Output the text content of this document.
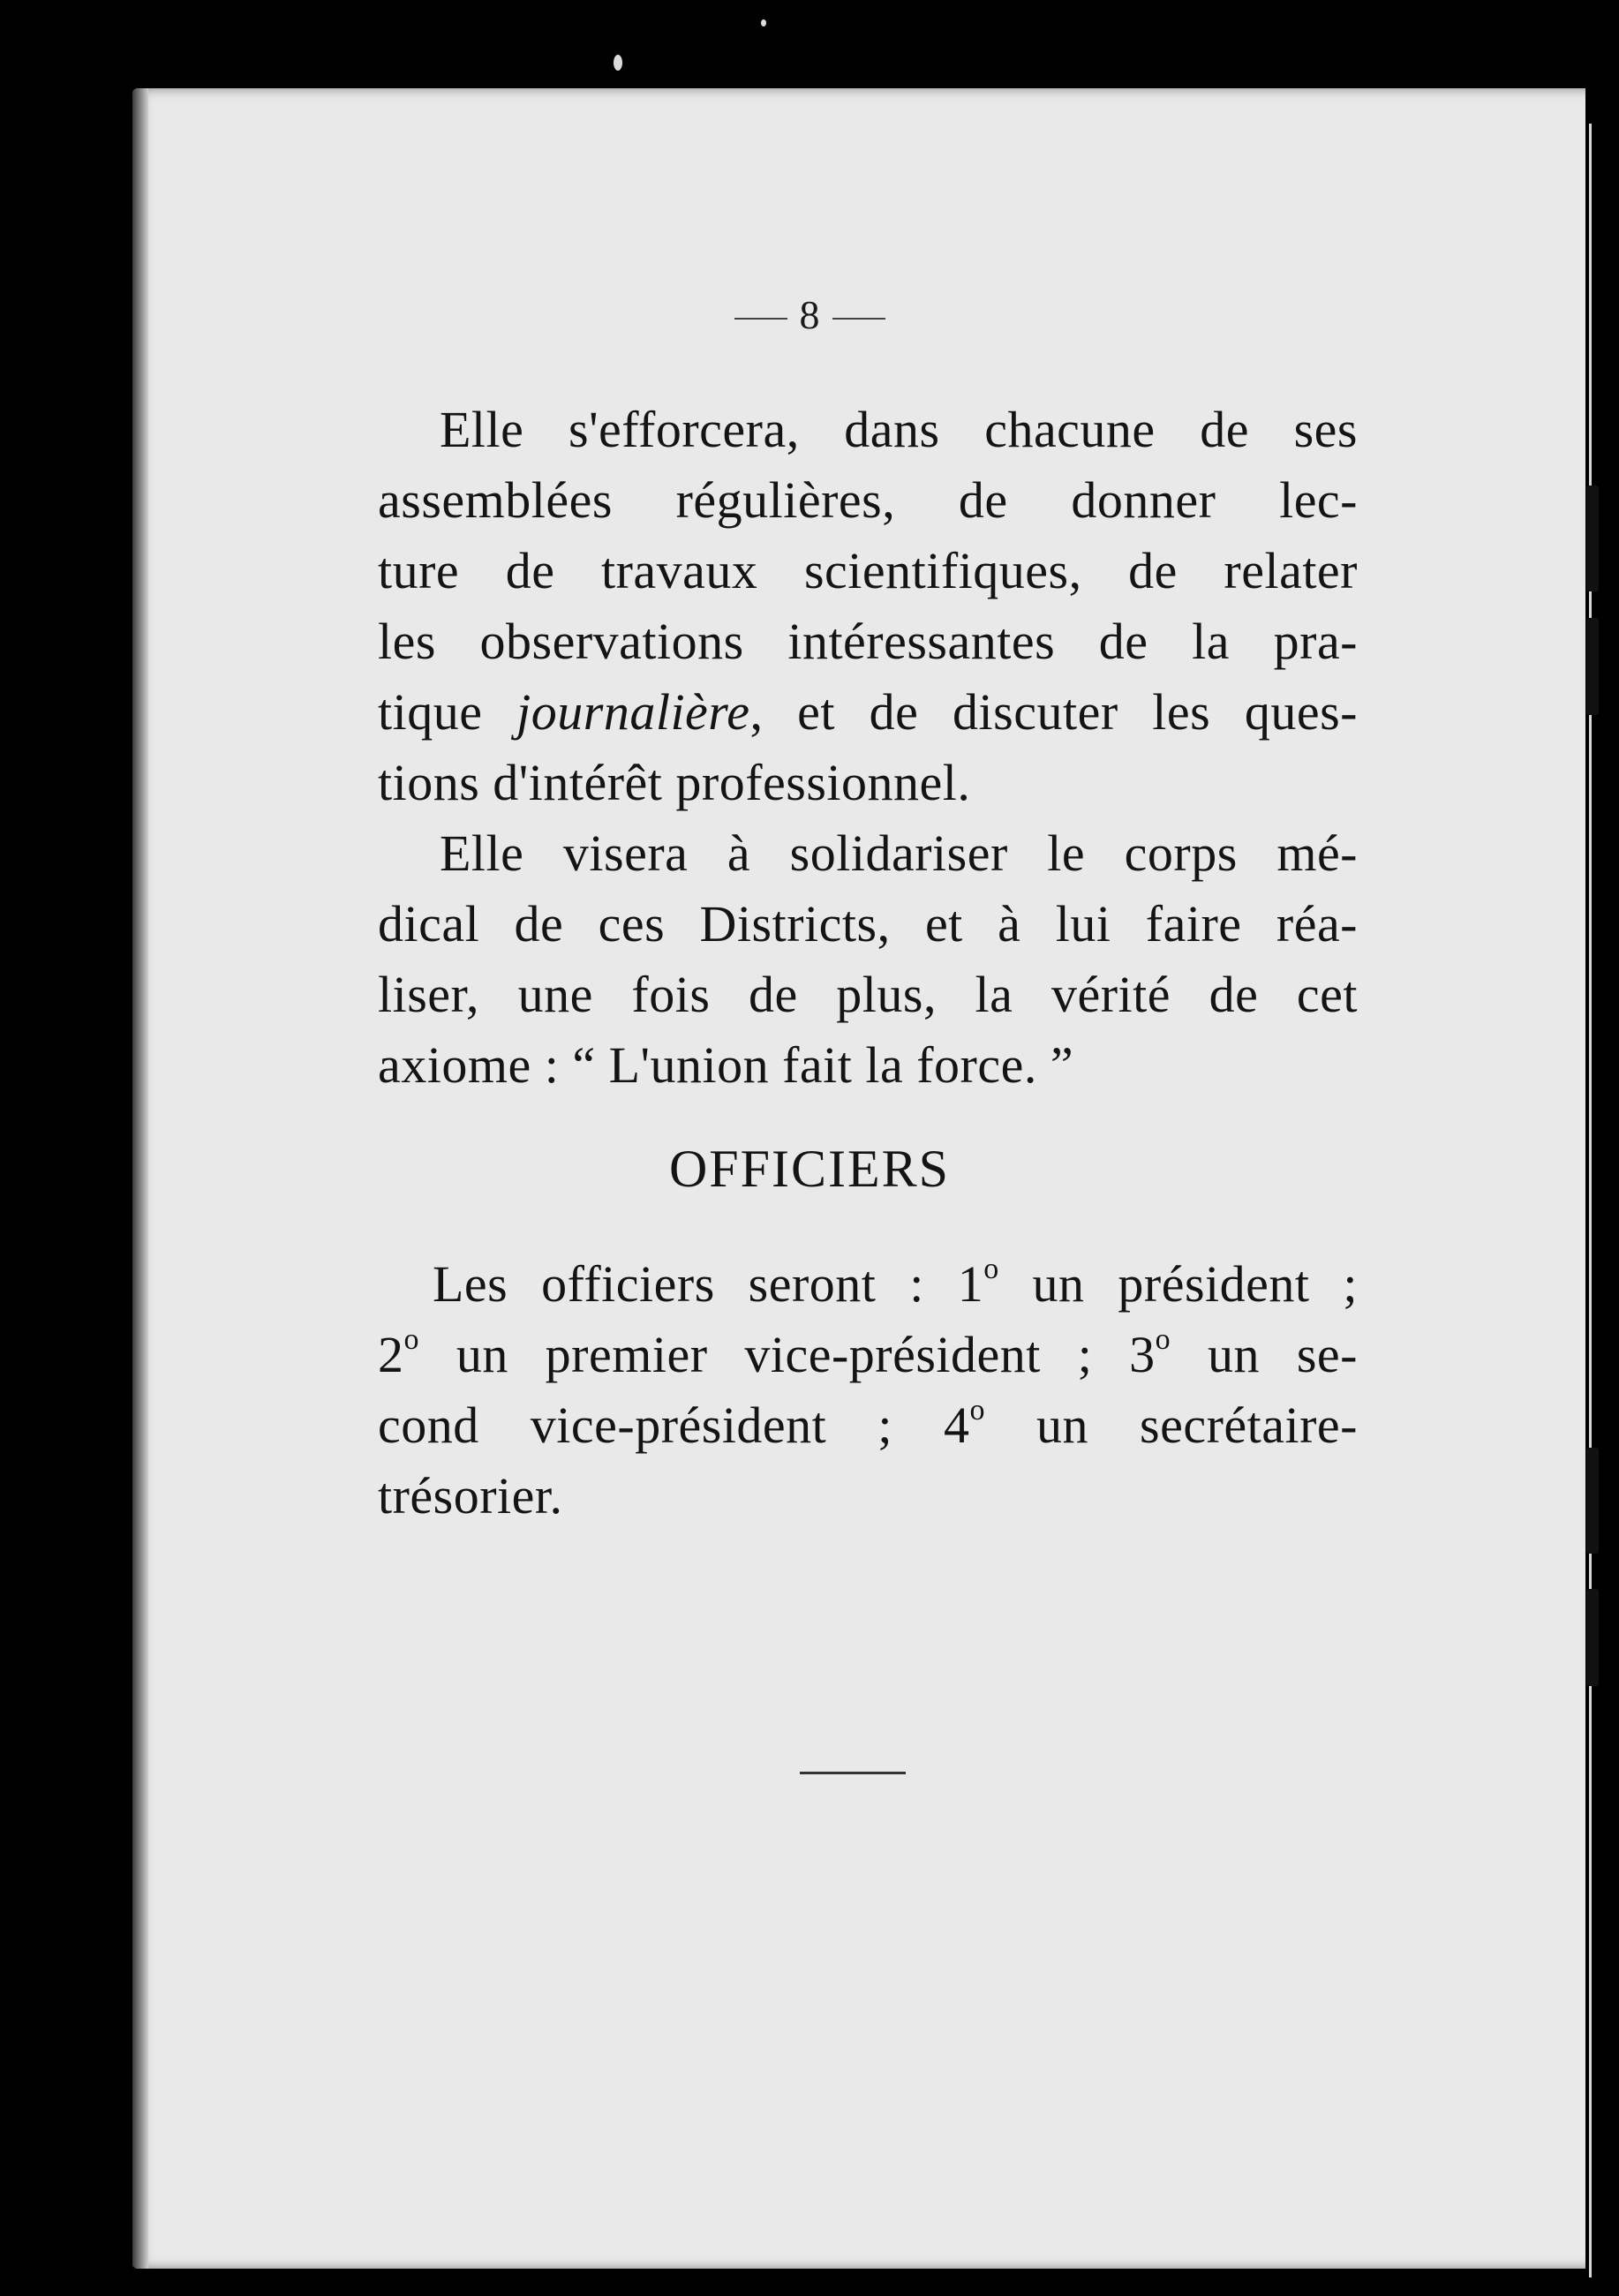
8

Elle s'efforcera, dans chacune de ses
assemblées régulières, de donner lec-
ture de travaux scientifiques, de relater
les observations intéressantes de la pra-
tique journalière, et de discuter les ques-
tions d'intérêt professionnel.

Elle visera à solidariser le corps mé-
dical de ces Districts, et à lui faire réa-
liser, une fois de plus, la vérité de cet
axiome : “ L'union fait la force. ”

OFFICIERS

Les officiers seront : 1$^o$ un président ;
2$^o$ un premier vice-président ; 3$^o$ un se-
cond vice-président ; 4$^o$ un secrétaire-
trésorier.
